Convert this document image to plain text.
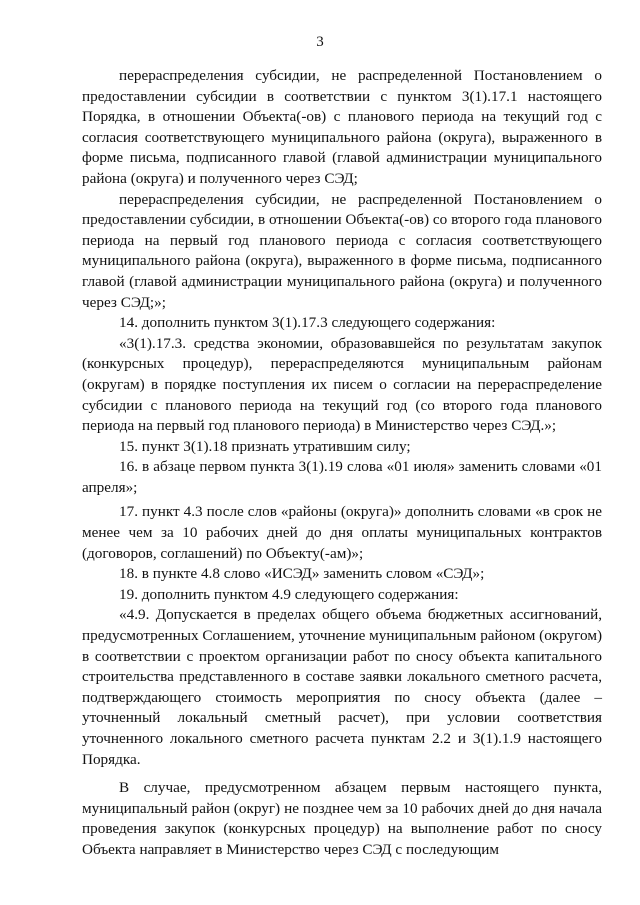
3

перераспределения субсидии, не распределенной Постановлением о предоставлении субсидии в соответствии с пунктом 3(1).17.1 настоящего Порядка, в отношении Объекта(-ов) с планового периода на текущий год с согласия соответствующего муниципального района (округа), выраженного в форме письма, подписанного главой (главой администрации муниципального района (округа) и полученного через СЭД;

перераспределения субсидии, не распределенной Постановлением о предоставлении субсидии, в отношении Объекта(-ов) со второго года планового периода на первый год планового периода с согласия соответствующего муниципального района (округа), выраженного в форме письма, подписанного главой (главой администрации муниципального района (округа) и полученного через СЭД;»;

14. дополнить пунктом 3(1).17.3 следующего содержания:

«3(1).17.3. средства экономии, образовавшейся по результатам закупок (конкурсных процедур), перераспределяются муниципальным районам (округам) в порядке поступления их писем о согласии на перераспределение субсидии с планового периода на текущий год (со второго года планового периода на первый год планового периода) в Министерство через СЭД.»;

15. пункт 3(1).18 признать утратившим силу;

16. в абзаце первом пункта 3(1).19 слова «01 июля» заменить словами «01 апреля»;

17. пункт 4.3 после слов «районы (округа)» дополнить словами «в срок не менее чем за 10 рабочих дней до дня оплаты муниципальных контрактов (договоров, соглашений) по Объекту(-ам)»;

18. в пункте 4.8 слово «ИСЭД» заменить словом «СЭД»;

19. дополнить пунктом 4.9 следующего содержания:

«4.9. Допускается в пределах общего объема бюджетных ассигнований, предусмотренных Соглашением, уточнение муниципальным районом (округом) в соответствии с проектом организации работ по сносу объекта капитального строительства представленного в составе заявки локального сметного расчета, подтверждающего стоимость мероприятия по сносу объекта (далее – уточненный локальный сметный расчет), при условии соответствия уточненного локального сметного расчета пунктам 2.2 и 3(1).1.9 настоящего Порядка.

В случае, предусмотренном абзацем первым настоящего пункта, муниципальный район (округ) не позднее чем за 10 рабочих дней до дня начала проведения закупок (конкурсных процедур) на выполнение работ по сносу Объекта направляет в Министерство через СЭД с последующим
